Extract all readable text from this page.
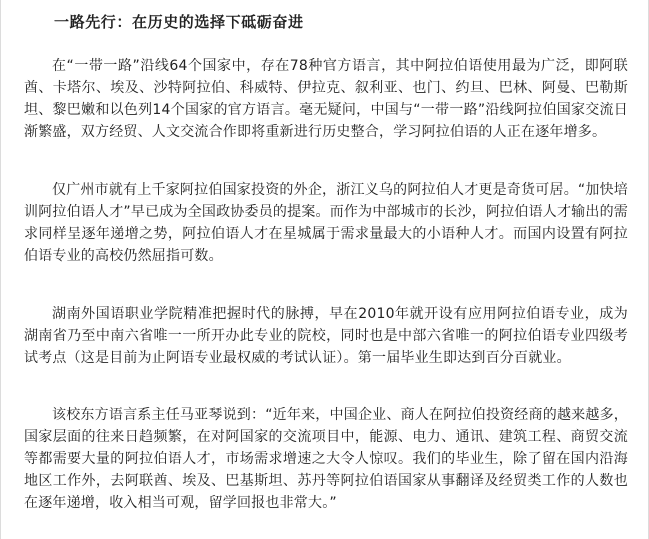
一路先行：在历史的选择下砥砺奋进

在“一带一路”沿线64个国家中，存在78种官方语言，其中阿拉伯语使用最为广泛，即阿联酋、卡塔尔、埃及、沙特阿拉伯、科威特、伊拉克、叙利亚、也门、约旦、巴林、阿曼、巴勒斯坦、黎巴嫩和以色列14个国家的官方语言。毫无疑问，中国与“一带一路”沿线阿拉伯国家交流日渐繁盛，双方经贸、人文交流合作即将重新进行历史整合，学习阿拉伯语的人正在逐年增多。

仅广州市就有上千家阿拉伯国家投资的外企，浙江义乌的阿拉伯人才更是奇货可居。“加快培训阿拉伯语人才”早已成为全国政协委员的提案。而作为中部城市的长沙，阿拉伯语人才输出的需求同样呈逐年递增之势，阿拉伯语人才在星城属于需求量最大的小语种人才。而国内设置有阿拉伯语专业的高校仍然屈指可数。

湖南外国语职业学院精准把握时代的脉搏，早在2010年就开设有应用阿拉伯语专业，成为湖南省乃至中南六省唯一一所开办此专业的院校，同时也是中部六省唯一的阿拉伯语专业四级考试考点（这是目前为止阿语专业最权威的考试认证）。第一届毕业生即达到百分百就业。

该校东方语言系主任马亚琴说到：“近年来，中国企业、商人在阿拉伯投资经商的越来越多，国家层面的往来日趋频繁，在对阿国家的交流项目中，能源、电力、通讯、建筑工程、商贸交流等都需要大量的阿拉伯语人才，市场需求增速之大令人惊叹。我们的毕业生，除了留在国内沿海地区工作外，去阿联酋、埃及、巴基斯坦、苏丹等阿拉伯语国家从事翻译及经贸类工作的人数也在逐年递增，收入相当可观，留学回报也非常大。”
